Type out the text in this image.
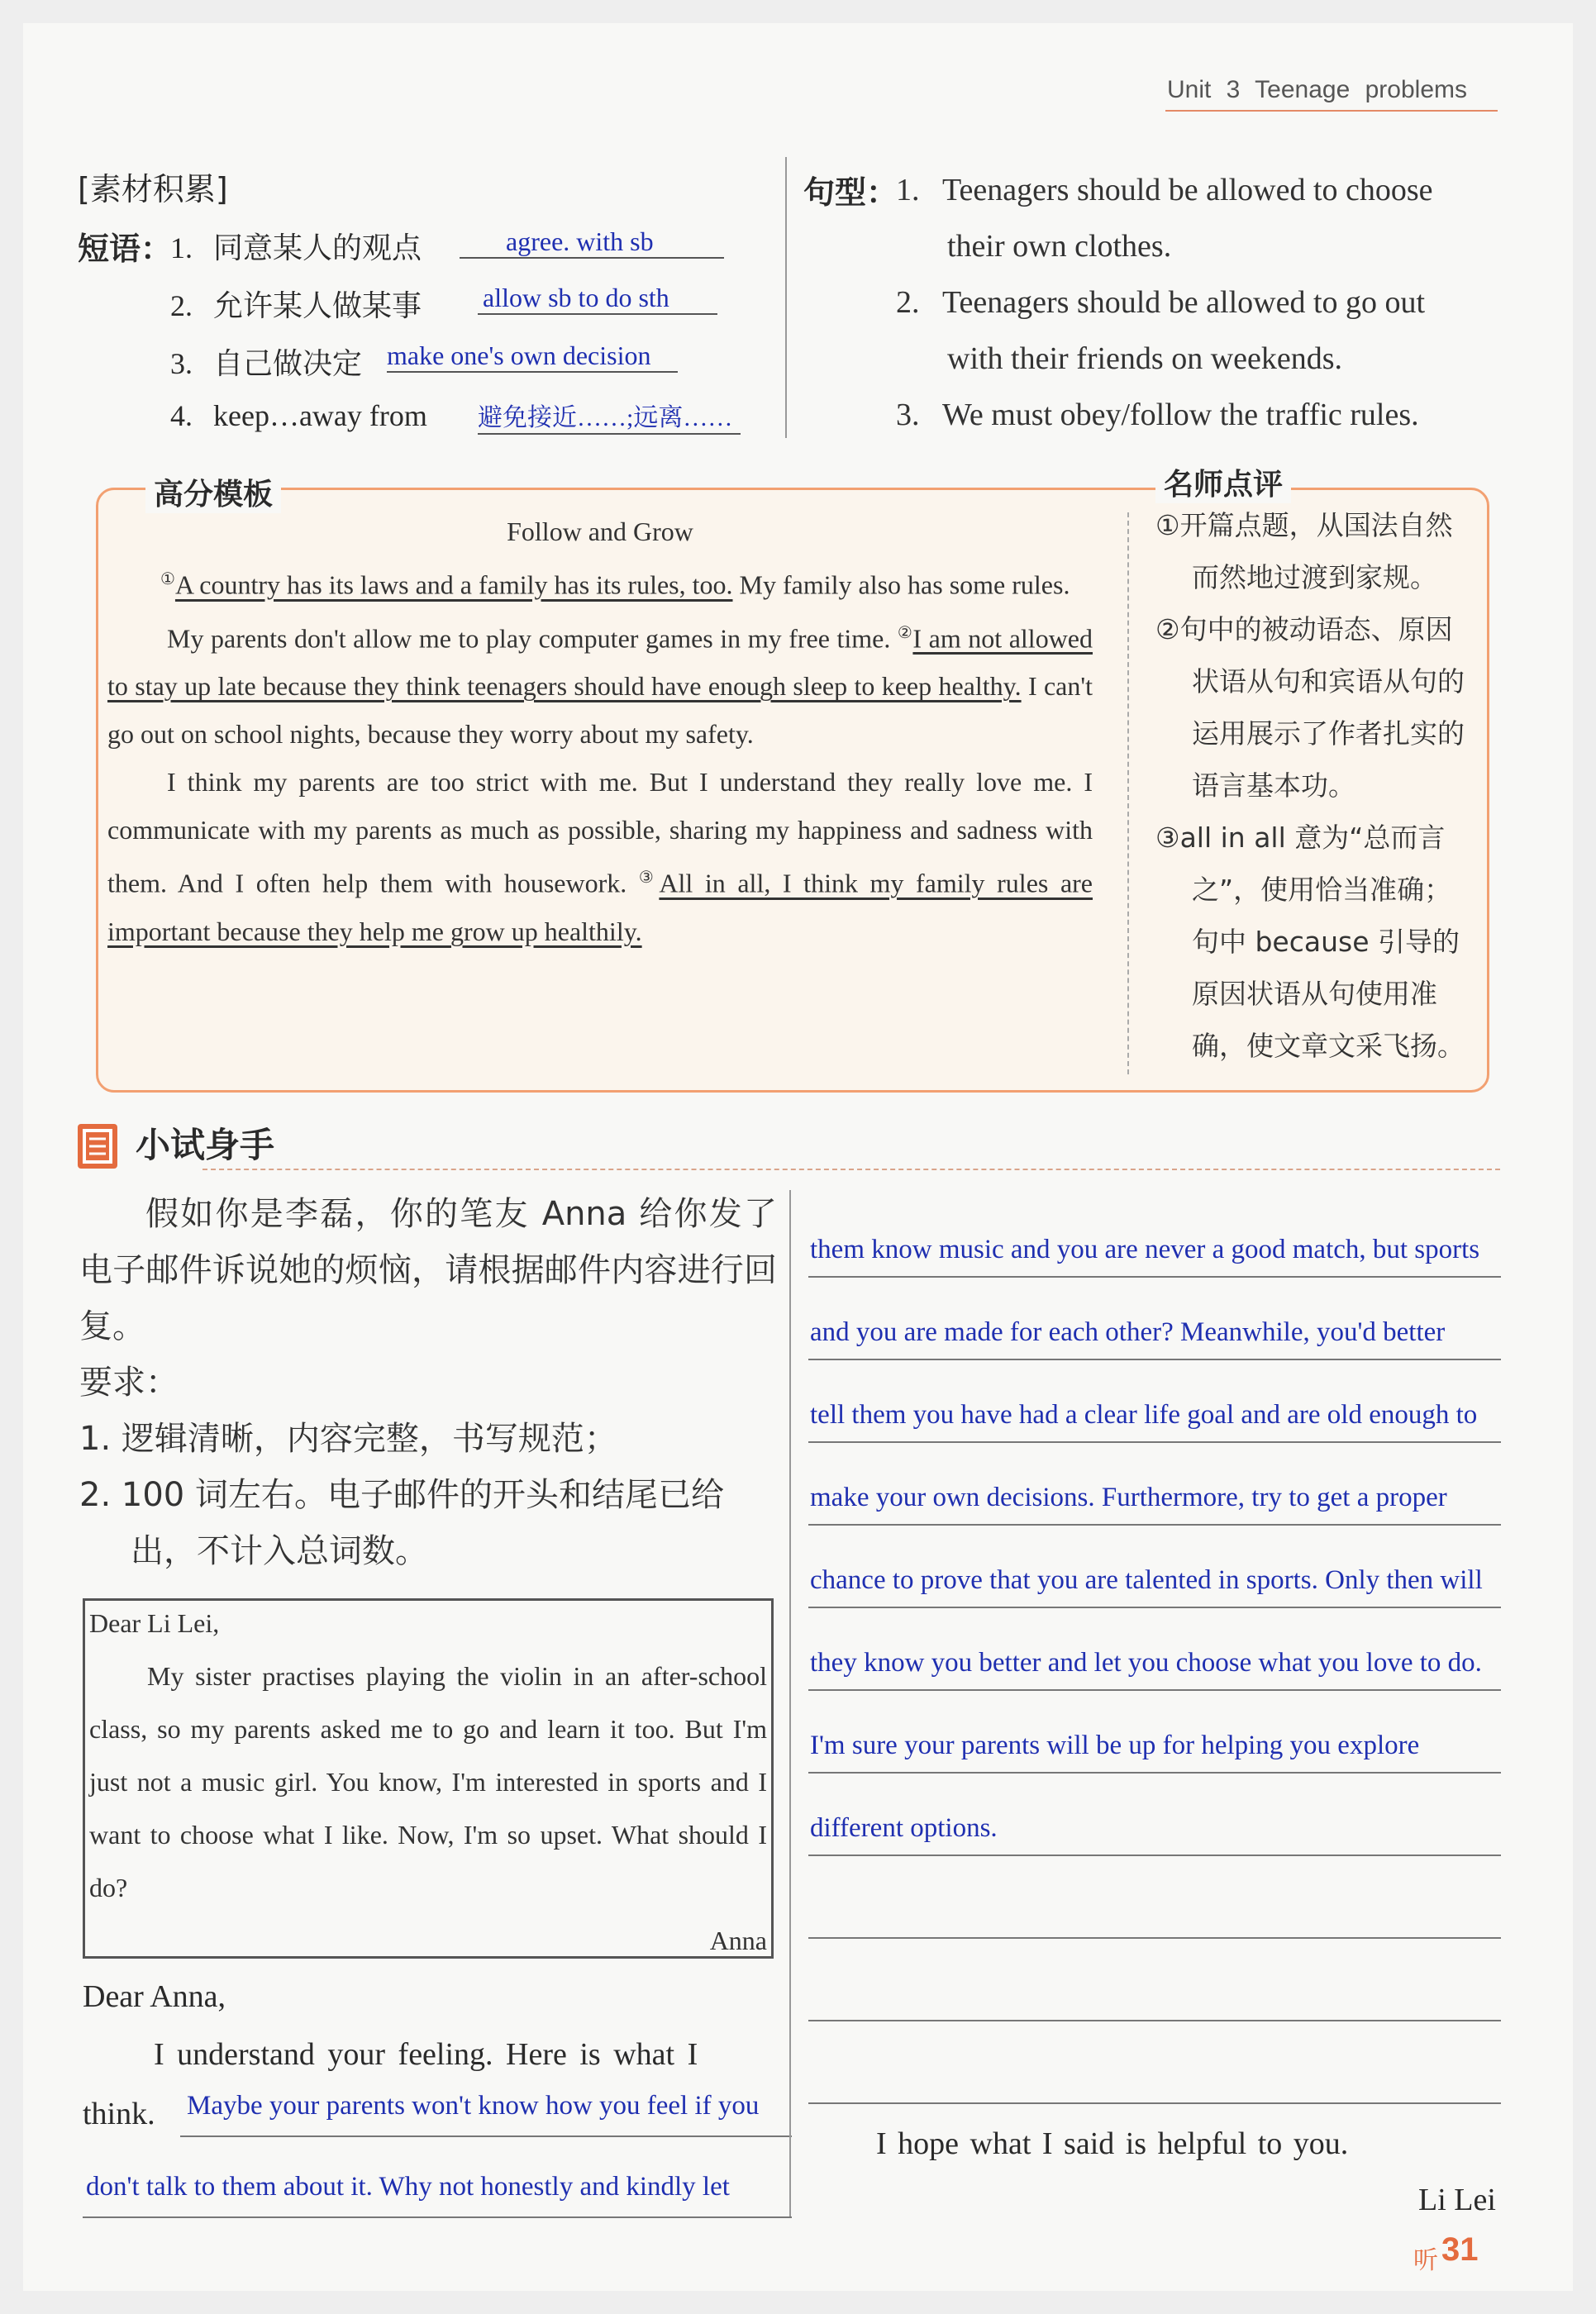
Unit 3 Teenage problems
[素材积累]
短语：
1. 同意某人的观点	agree. with sb
2. 允许某人做某事 allow sb to do sth
3. 自己做决定 make one's own decision
4. keep…away from 避免接近……;远离……
句型：
1. Teenagers should be allowed to choose
their own clothes.
2. Teenagers should be allowed to go out
with their friends on weekends.
3. We must obey/follow the traffic rules.
高分模板	名师点评

Follow and Grow

①A country has its laws and a family has its rules, too. My family also has some rules.

My parents don't allow me to play computer games in my free time. ②I am not allowed to stay up late because they think teenagers should have enough sleep to keep healthy. I can't go out on school nights, because they worry about my safety.

I think my parents are too strict with me. But I understand they really love me. I communicate with my parents as much as possible, sharing my happiness and sadness with them. And I often help them with housework. ③All in all, I think my family rules are important because they help me grow up healthily.

①开篇点题，从国法自然而然地过渡到家规。
②句中的被动语态、原因状语从句和宾语从句的运用展示了作者扎实的语言基本功。
③all in all 意为“总而言之”，使用恰当准确；句中 because 引导的原因状语从句使用准确，使文章文采飞扬。
小试身手
假如你是李磊，你的笔友 Anna 给你发了电子邮件诉说她的烦恼，请根据邮件内容进行回复。
要求：
1. 逻辑清晰，内容完整，书写规范；
2. 100 词左右。电子邮件的开头和结尾已给出，不计入总词数。
Dear Li Lei,
My sister practises playing the violin in an after-school class, so my parents asked me to go and learn it too. But I'm just not a music girl. You know, I'm interested in sports and I want to choose what I like. Now, I'm so upset. What should I do?
Anna
Dear Anna,
I understand your feeling. Here is what I
think. Maybe your parents won't know how you feel if you
don't talk to them about it. Why not honestly and kindly let
them know music and you are never a good match, but sports
and you are made for each other? Meanwhile, you'd better
tell them you have had a clear life goal and are old enough to
make your own decisions. Furthermore, try to get a proper
chance to prove that you are talented in sports. Only then will
they know you better and let you choose what you love to do.
I'm sure your parents will be up for helping you explore
different options.
I hope what I said is helpful to you.
Li Lei
听 31
